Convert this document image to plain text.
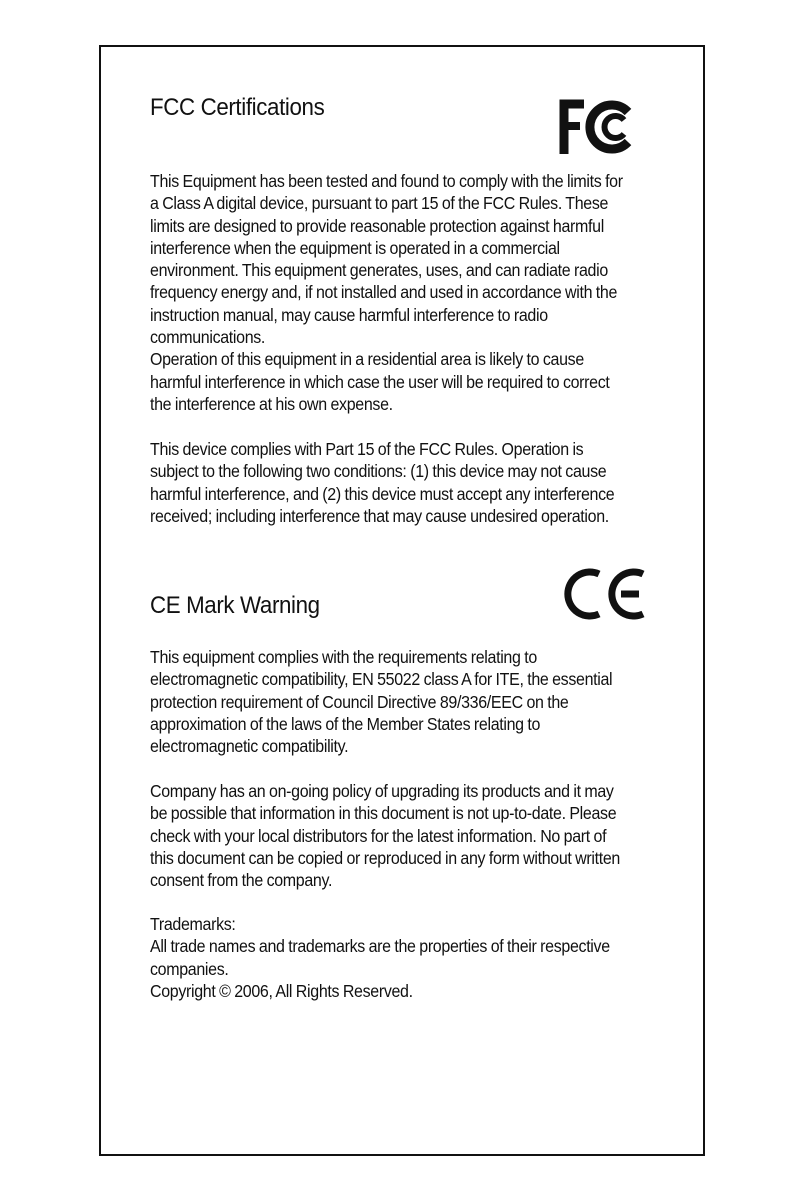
FCC Certifications
This Equipment has been tested and found to comply with the limits for
a Class A digital device, pursuant to part 15 of the FCC Rules. These
limits are designed to provide reasonable protection against harmful
interference when the equipment is operated in a commercial
environment. This equipment generates, uses, and can radiate radio
frequency energy and, if not installed and used in accordance with the
instruction manual, may cause harmful interference to radio
communications.
Operation of this equipment in a residential area is likely to cause
harmful interference in which case the user will be required to correct
the interference at his own expense.
This device complies with Part 15 of the FCC Rules. Operation is
subject to the following two conditions: (1) this device may not cause
harmful interference, and (2) this device must accept any interference
received; including interference that may cause undesired operation.
CE Mark Warning
This equipment complies with the requirements relating to
electromagnetic compatibility, EN 55022 class A for ITE, the essential
protection requirement of Council Directive 89/336/EEC on the
approximation of the laws of the Member States relating to
electromagnetic compatibility.
Company has an on-going policy of upgrading its products and it may
be possible that information in this document is not up-to-date. Please
check with your local distributors for the latest information. No part of
this document can be copied or reproduced in any form without written
consent from the company.
Trademarks:
All trade names and trademarks are the properties of their respective
companies.
Copyright © 2006, All Rights Reserved.
